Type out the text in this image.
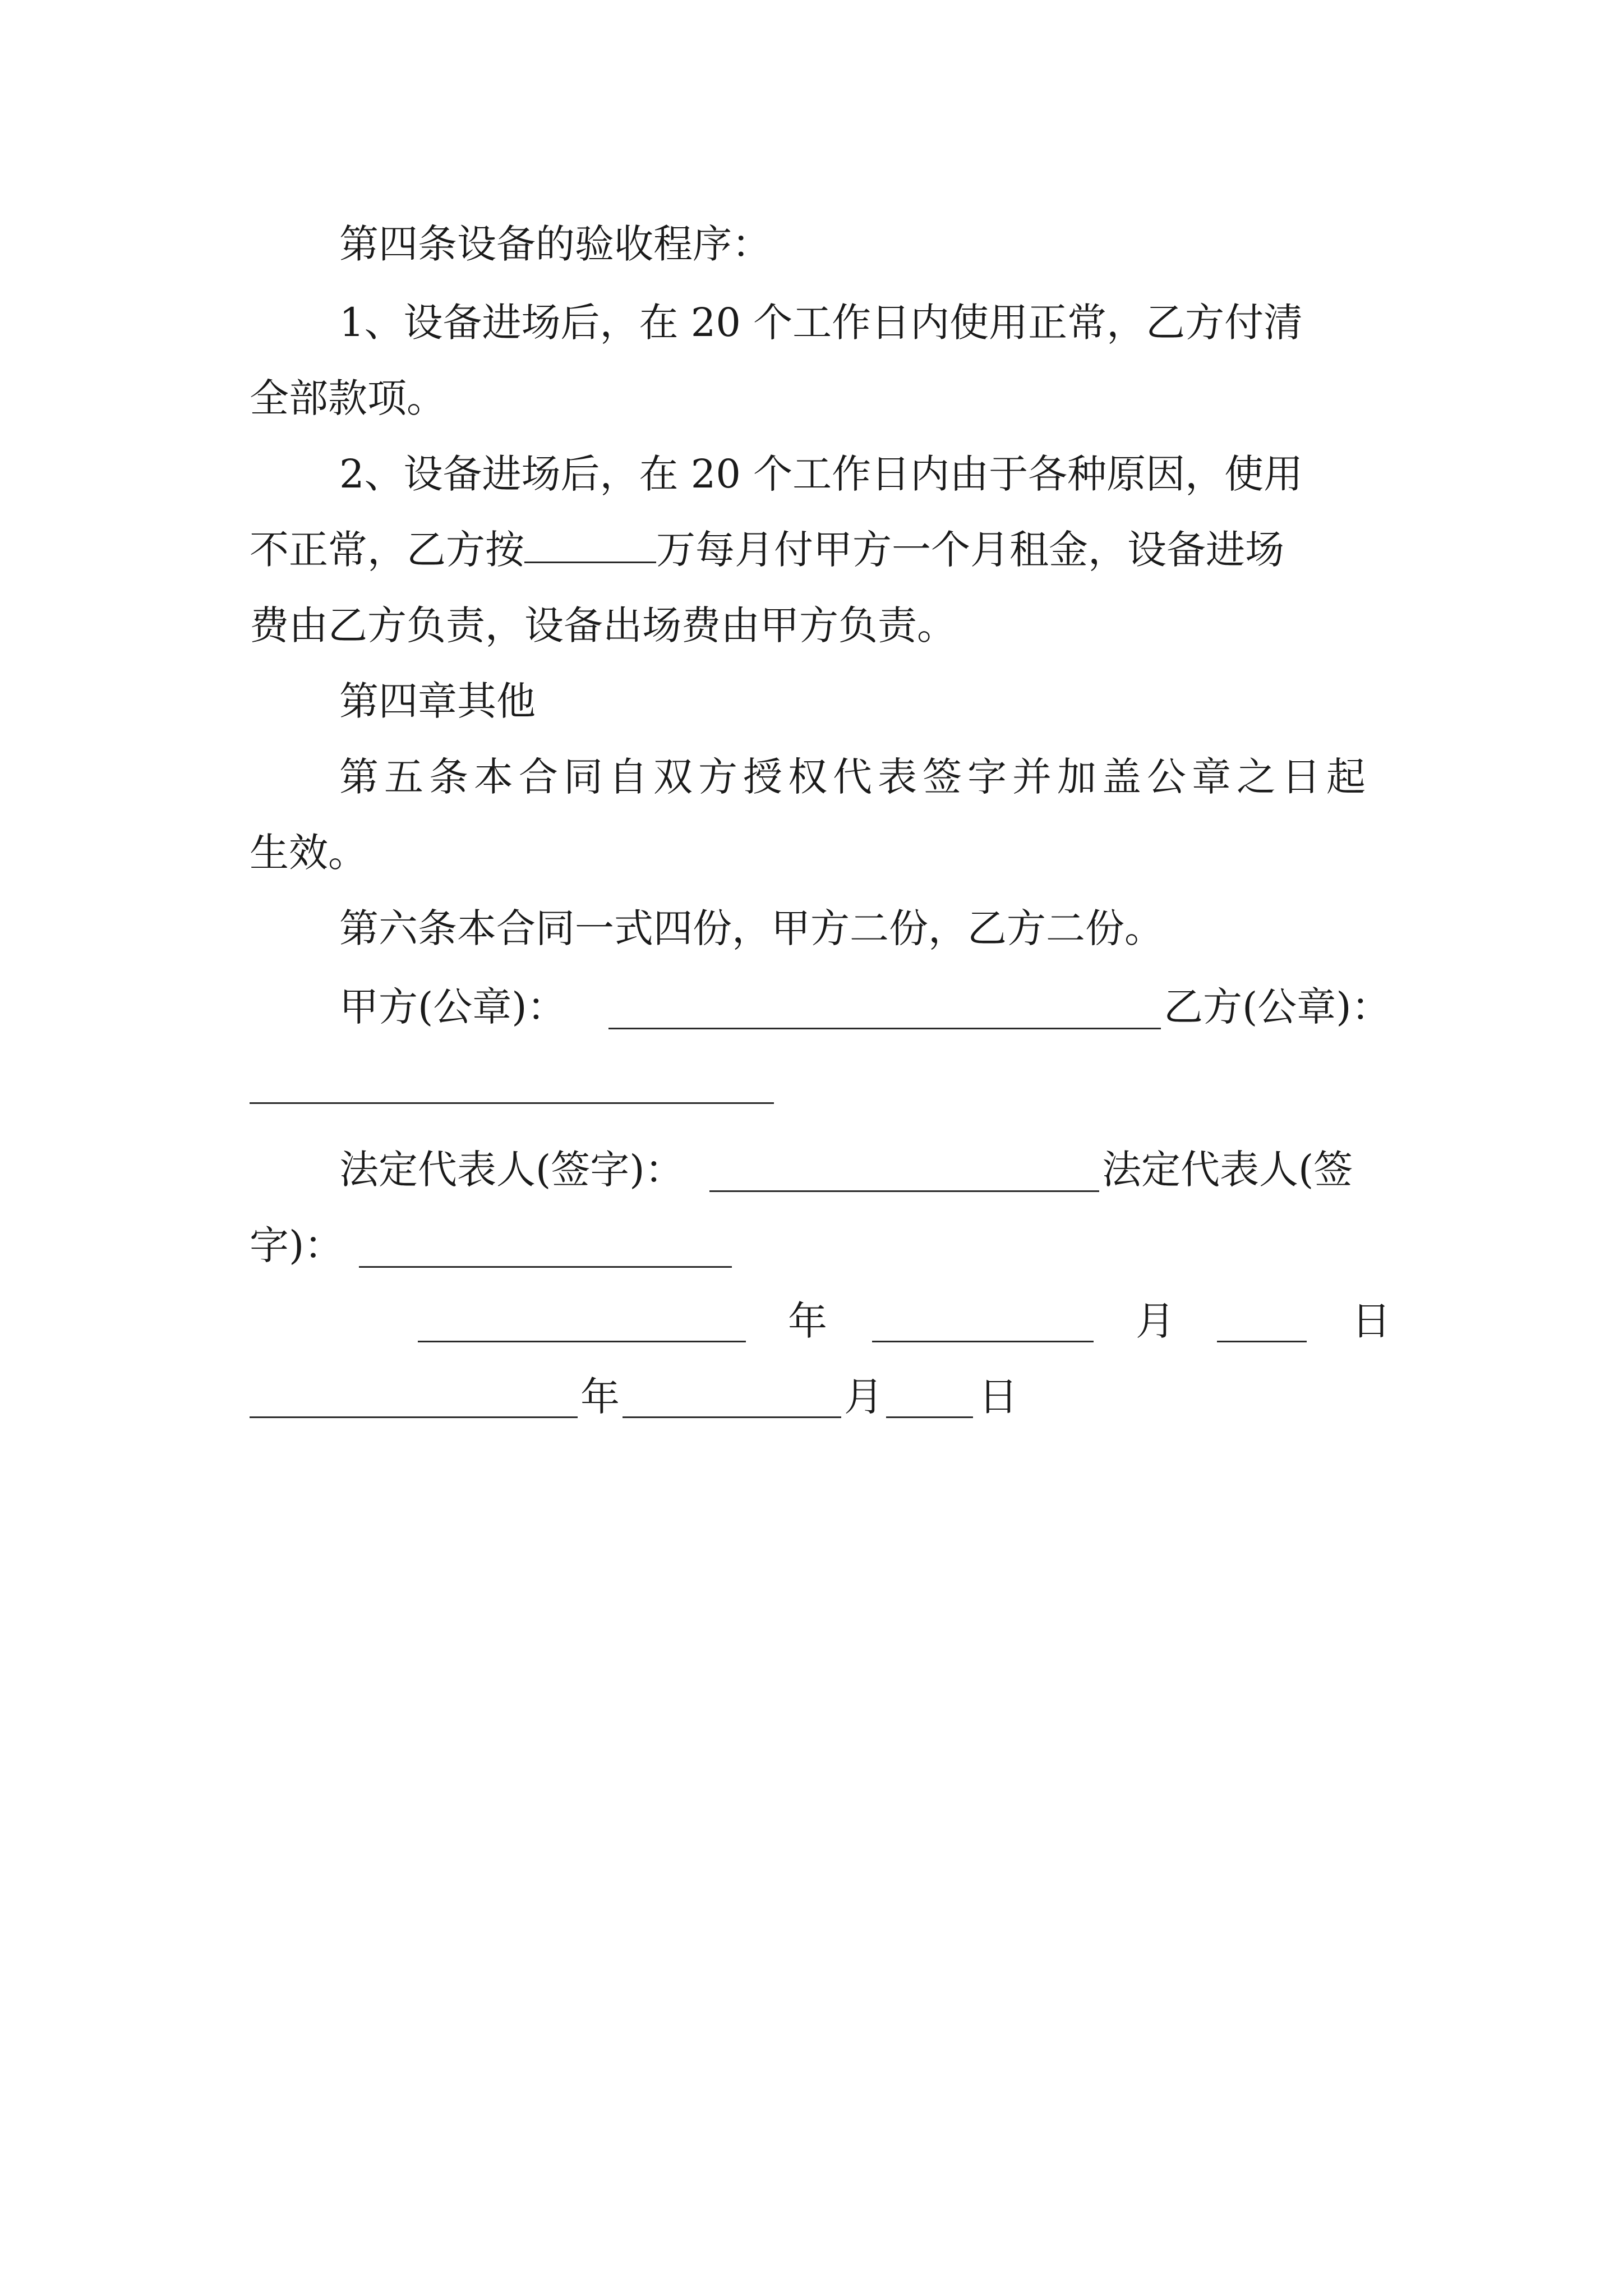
第四条设备的验收程序：
1、设备进场后，在 20 个工作日内使用正常，乙方付清
全部款项。
2、设备进场后，在 20 个工作日内由于各种原因，使用
不正常，乙方按	万每月付甲方一个月租金，设备进场
费由乙方负责，设备出场费由甲方负责。
第四章其他
第五条本合同自双方授权代表签字并加盖公章之日起
生效。
第六条本合同一式四份，甲方二份，乙方二份。
甲方(公章)：	乙方(公章)：
法定代表人(签字)：	法定代表人(签
字)：
年	月	日
年	月 日
